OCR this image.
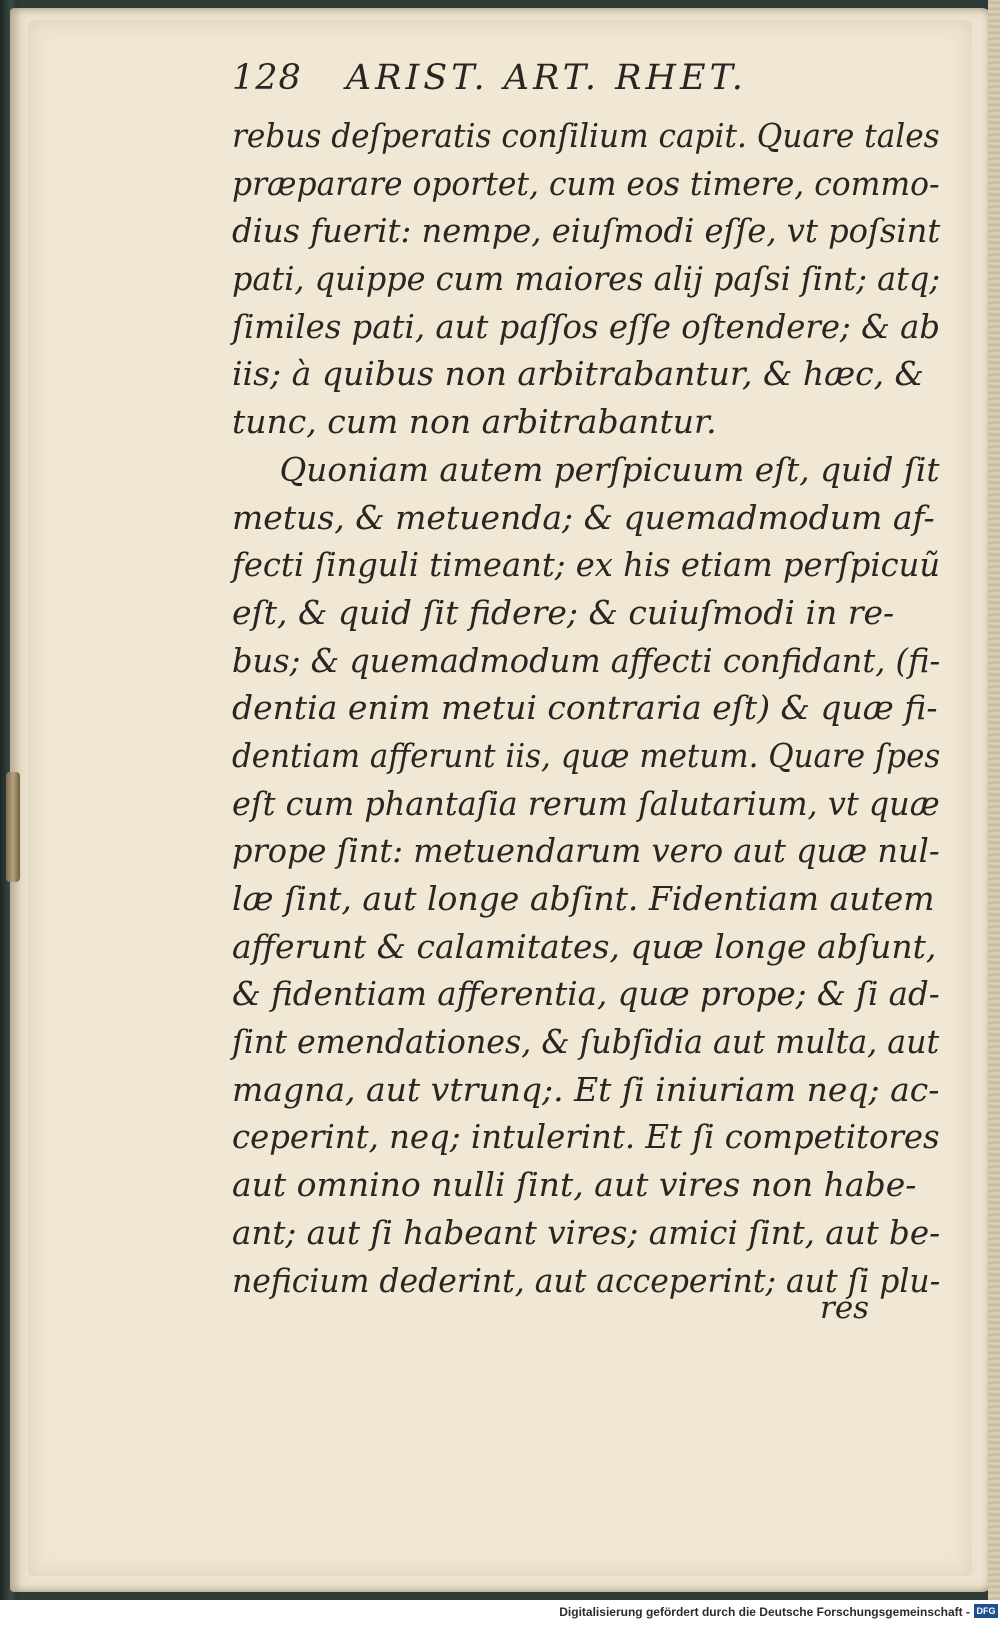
128 ARIST. ART. RHET.
rebus deſperatis conſilium capit. Quare tales
præparare oportet, cum eos timere, commo-
dius fuerit: nempe, eiuſmodi eſſe, vt poſsint
pati, quippe cum maiores alij paſsi ſint; atq;
ſimiles pati, aut paſſos eſſe oſtendere; & ab
iis; à quibus non arbitrabantur, & hæc, &
tunc, cum non arbitrabantur.
Quoniam autem perſpicuum eſt, quid ſit
metus, & metuenda; & quemadmodum af-
fecti ſinguli timeant; ex his etiam perſpicuũ
eſt, & quid ſit fidere; & cuiuſmodi in re-
bus; & quemadmodum affecti confidant, (fi-
dentia enim metui contraria eſt) & quæ fi-
dentiam afferunt iis, quæ metum. Quare ſpes
eſt cum phantaſia rerum ſalutarium, vt quæ
prope ſint: metuendarum vero aut quæ nul-
læ ſint, aut longe abſint. Fidentiam autem
afferunt & calamitates, quæ longe abſunt,
& fidentiam afferentia, quæ prope; & ſi ad-
ſint emendationes, & ſubſidia aut multa, aut
magna, aut vtrunq;. Et ſi iniuriam neq; ac-
ceperint, neq; intulerint. Et ſi competitores
aut omnino nulli ſint, aut vires non habe-
ant; aut ſi habeant vires; amici ſint, aut be-
neficium dederint, aut acceperint; aut ſi plu-
res
Digitalisierung gefördert durch die Deutsche Forschungsgemeinschaft - DFG
